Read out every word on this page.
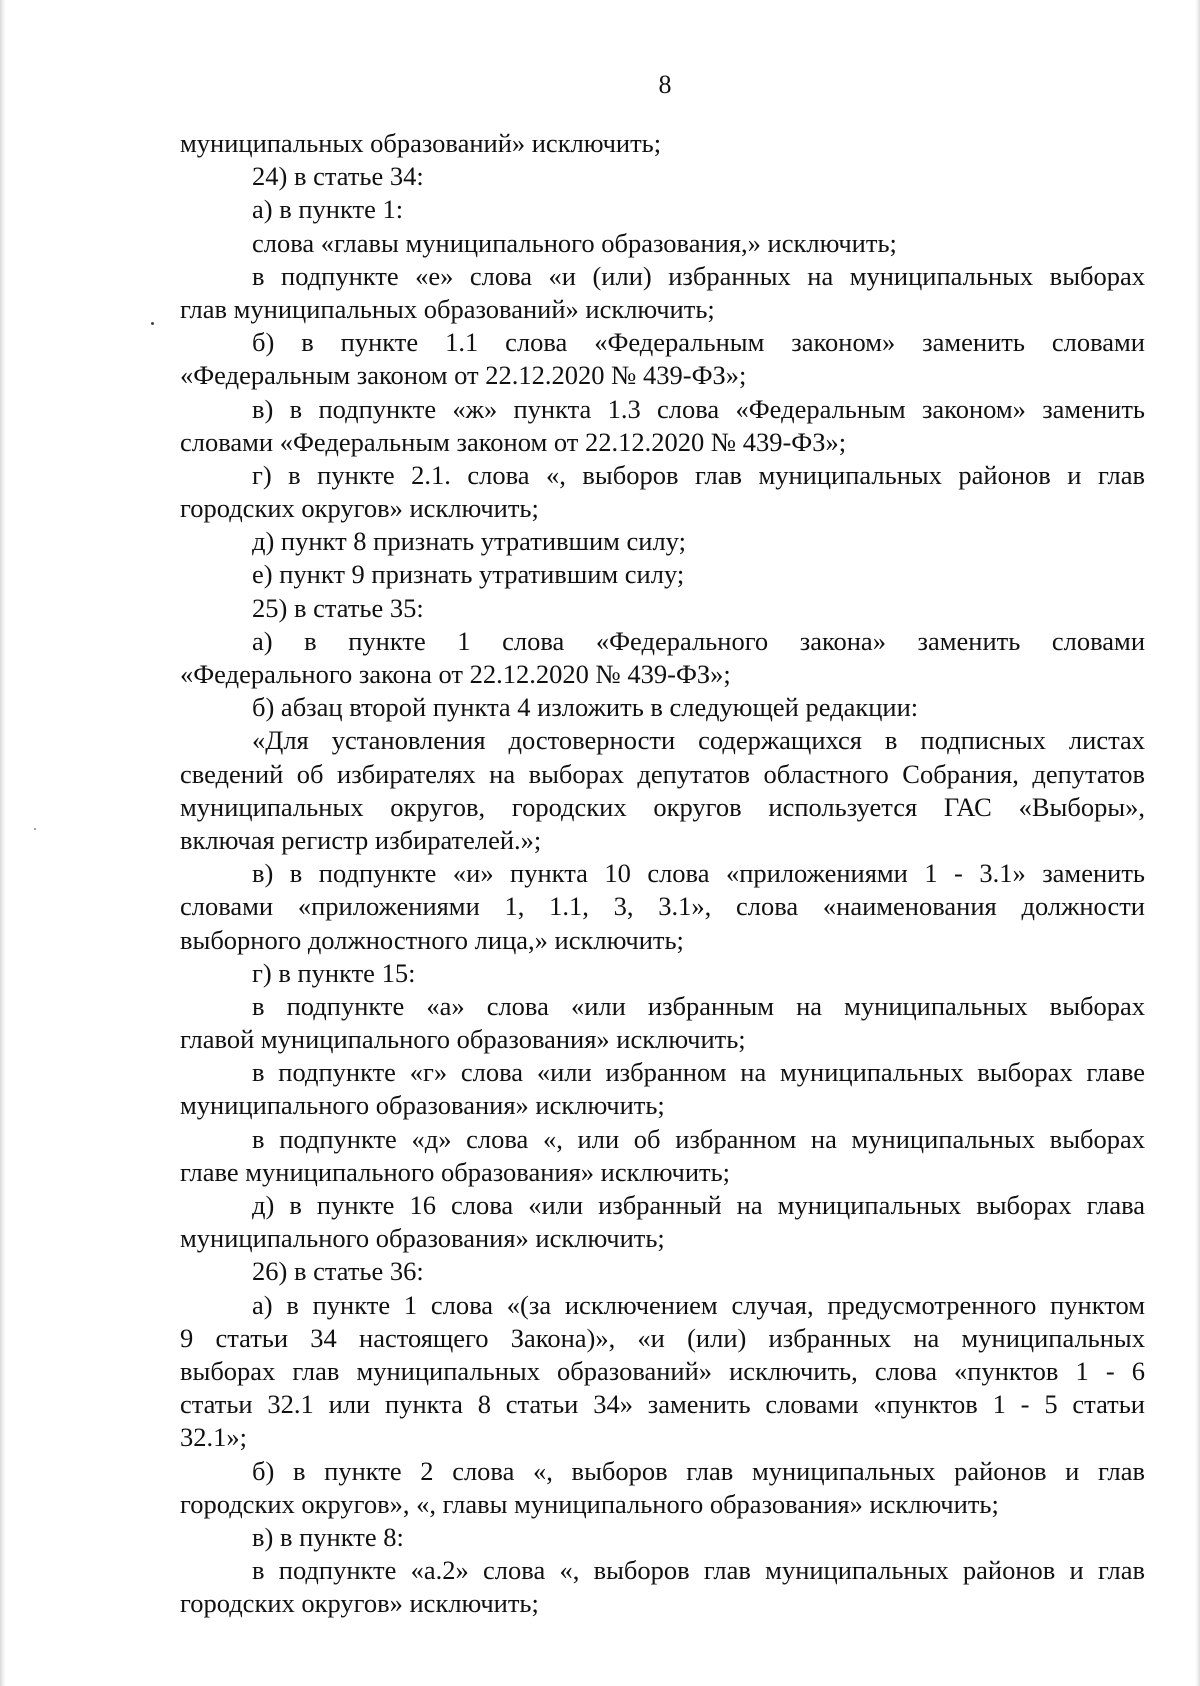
8
муниципальных образований» исключить;
24) в статье 34:
а) в пункте 1:
слова «главы муниципального образования,» исключить;
в подпункте «е» слова «и (или) избранных на муниципальных выборах
глав муниципальных образований» исключить;
б) в пункте 1.1 слова «Федеральным законом» заменить словами
«Федеральным законом от 22.12.2020 № 439-ФЗ»;
в) в подпункте «ж» пункта 1.3 слова «Федеральным законом» заменить
словами «Федеральным законом от 22.12.2020 № 439-ФЗ»;
г) в пункте 2.1. слова «, выборов глав муниципальных районов и глав
городских округов» исключить;
д) пункт 8 признать утратившим силу;
е) пункт 9 признать утратившим силу;
25) в статье 35:
а) в пункте 1 слова «Федерального закона» заменить словами
«Федерального закона от 22.12.2020 № 439-ФЗ»;
б) абзац второй пункта 4 изложить в следующей редакции:
«Для установления достоверности содержащихся в подписных листах
сведений об избирателях на выборах депутатов областного Собрания, депутатов
муниципальных округов, городских округов используется ГАС «Выборы»,
включая регистр избирателей.»;
в) в подпункте «и» пункта 10 слова «приложениями 1 - 3.1» заменить
словами «приложениями 1, 1.1, 3, 3.1», слова «наименования должности
выборного должностного лица,» исключить;
г) в пункте 15:
в подпункте «а» слова «или избранным на муниципальных выборах
главой муниципального образования» исключить;
в подпункте «г» слова «или избранном на муниципальных выборах главе
муниципального образования» исключить;
в подпункте «д» слова «, или об избранном на муниципальных выборах
главе муниципального образования» исключить;
д) в пункте 16 слова «или избранный на муниципальных выборах глава
муниципального образования» исключить;
26) в статье 36:
а) в пункте 1 слова «(за исключением случая, предусмотренного пунктом
9 статьи 34 настоящего Закона)», «и (или) избранных на муниципальных
выборах глав муниципальных образований» исключить, слова «пунктов 1 - 6
статьи 32.1 или пункта 8 статьи 34» заменить словами «пунктов 1 - 5 статьи
32.1»;
б) в пункте 2 слова «, выборов глав муниципальных районов и глав
городских округов», «, главы муниципального образования» исключить;
в) в пункте 8:
в подпункте «а.2» слова «, выборов глав муниципальных районов и глав
городских округов» исключить;
